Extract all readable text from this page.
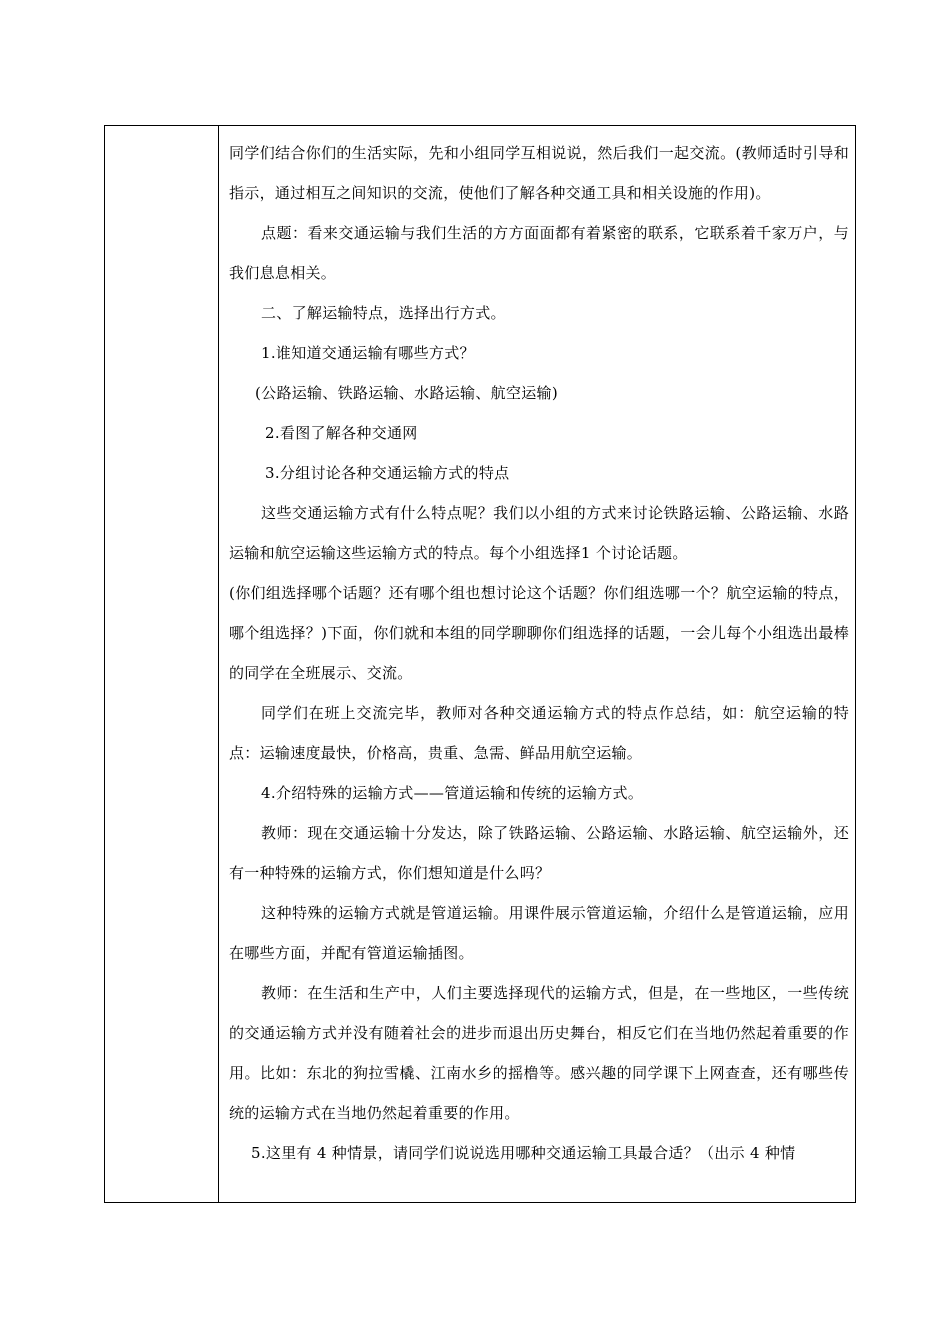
同学们结合你们的生活实际，先和小组同学互相说说，然后我们一起交流。(教师适时引导和指示，通过相互之间知识的交流，使他们了解各种交通工具和相关设施的作用)。

点题：看来交通运输与我们生活的方方面面都有着紧密的联系，它联系着千家万户，与我们息息相关。

二、了解运输特点，选择出行方式。

1.谁知道交通运输有哪些方式？

(公路运输、铁路运输、水路运输、航空运输)

2.看图了解各种交通网

3.分组讨论各种交通运输方式的特点

这些交通运输方式有什么特点呢？我们以小组的方式来讨论铁路运输、公路运输、水路运输和航空运输这些运输方式的特点。每个小组选择1 个讨论话题。

(你们组选择哪个话题？还有哪个组也想讨论这个话题？你们组选哪一个？航空运输的特点，哪个组选择？)下面，你们就和本组的同学聊聊你们组选择的话题，一会儿每个小组选出最棒的同学在全班展示、交流。

同学们在班上交流完毕，教师对各种交通运输方式的特点作总结，如：航空运输的特点：运输速度最快，价格高，贵重、急需、鲜品用航空运输。

4.介绍特殊的运输方式——管道运输和传统的运输方式。

教师：现在交通运输十分发达，除了铁路运输、公路运输、水路运输、航空运输外，还有一种特殊的运输方式，你们想知道是什么吗？

这种特殊的运输方式就是管道运输。用课件展示管道运输，介绍什么是管道运输，应用在哪些方面，并配有管道运输插图。

教师：在生活和生产中，人们主要选择现代的运输方式，但是，在一些地区，一些传统的交通运输方式并没有随着社会的进步而退出历史舞台，相反它们在当地仍然起着重要的作用。比如：东北的狗拉雪橇、江南水乡的摇橹等。感兴趣的同学课下上网查查，还有哪些传统的运输方式在当地仍然起着重要的作用。

5.这里有 4 种情景，请同学们说说选用哪种交通运输工具最合适？（出示 4 种情
